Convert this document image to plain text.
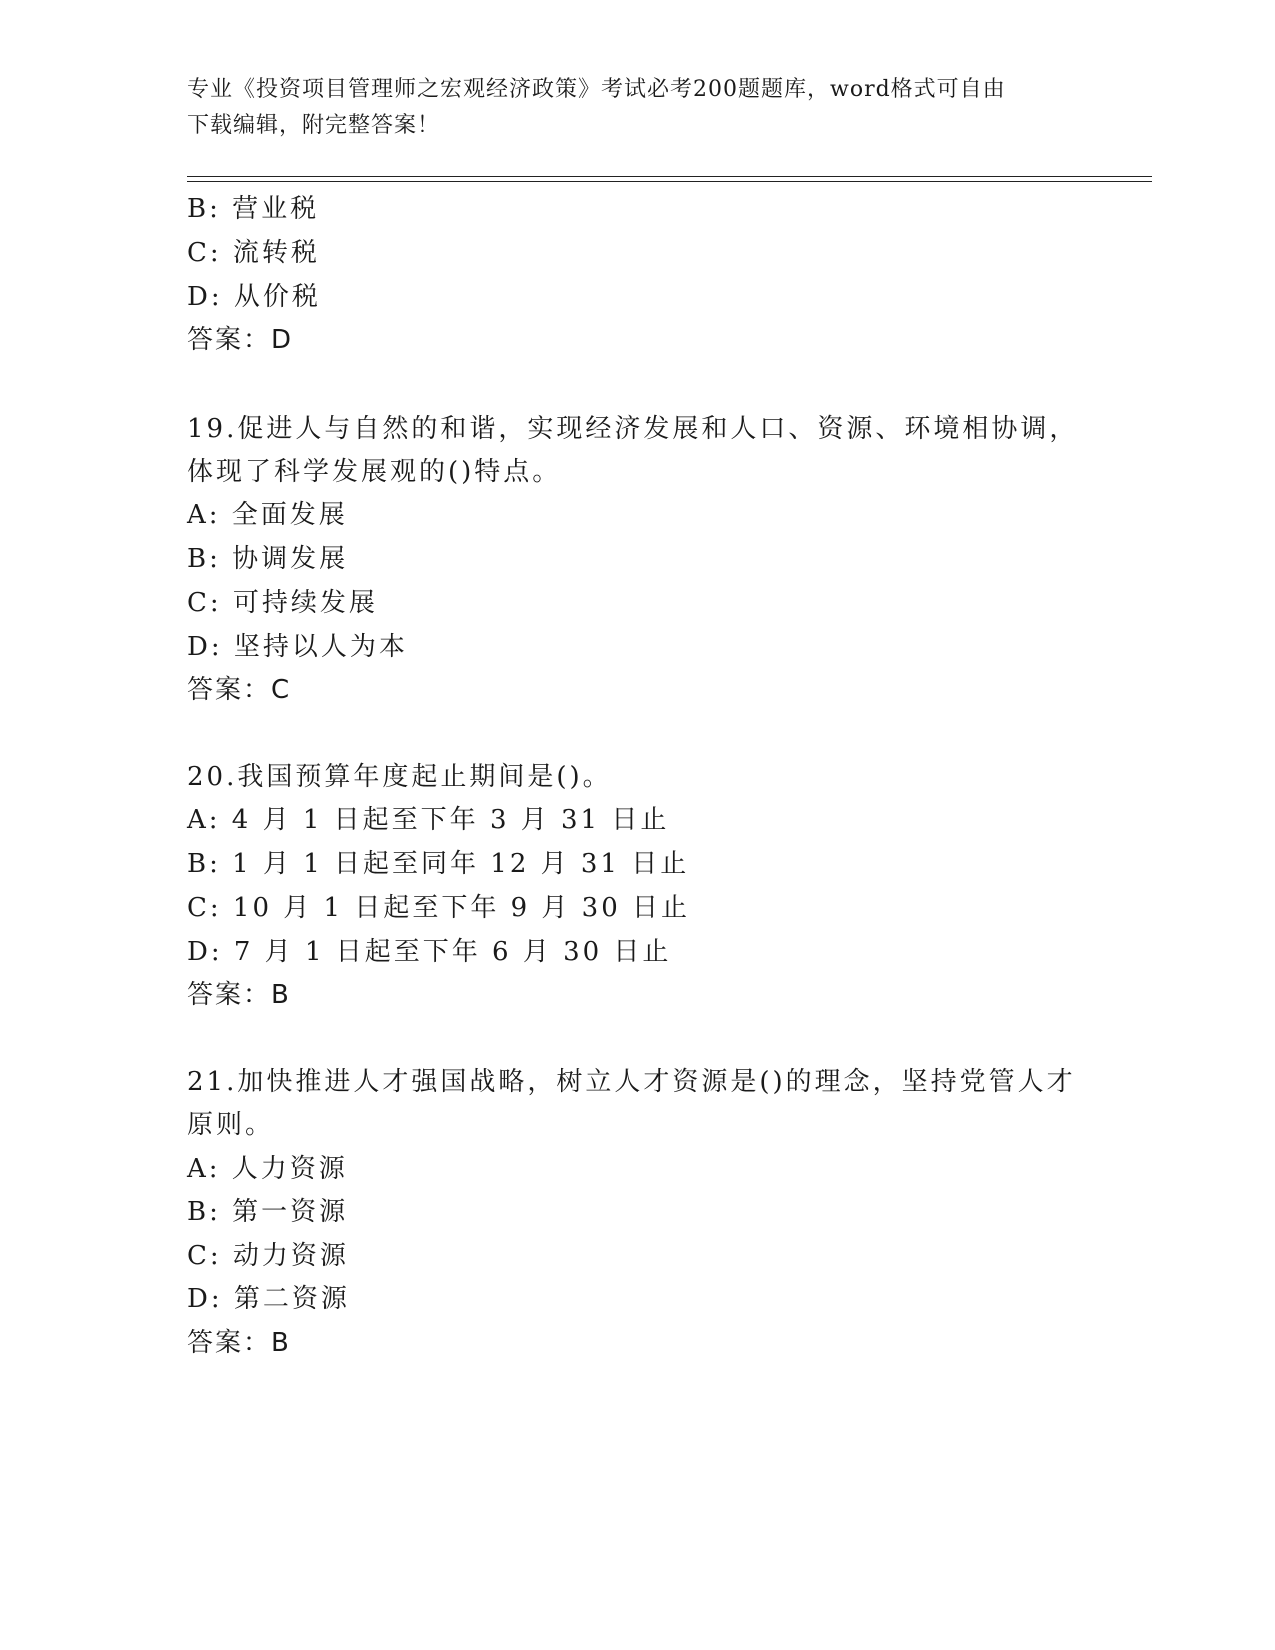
专业《投资项目管理师之宏观经济政策》考试必考200题题库，word格式可自由
下载编辑，附完整答案！
B: 营业税
C: 流转税
D: 从价税
答案：D
19.促进人与自然的和谐，实现经济发展和人口、资源、环境相协调，
体现了科学发展观的()特点。
A: 全面发展
B: 协调发展
C: 可持续发展
D: 坚持以人为本
答案：C
20.我国预算年度起止期间是()。
A: 4 月 1 日起至下年 3 月 31 日止
B: 1 月 1 日起至同年 12 月 31 日止
C: 10 月 1 日起至下年 9 月 30 日止
D: 7 月 1 日起至下年 6 月 30 日止
答案：B
21.加快推进人才强国战略，树立人才资源是()的理念，坚持党管人才
原则。
A: 人力资源
B: 第一资源
C: 动力资源
D: 第二资源
答案：B
